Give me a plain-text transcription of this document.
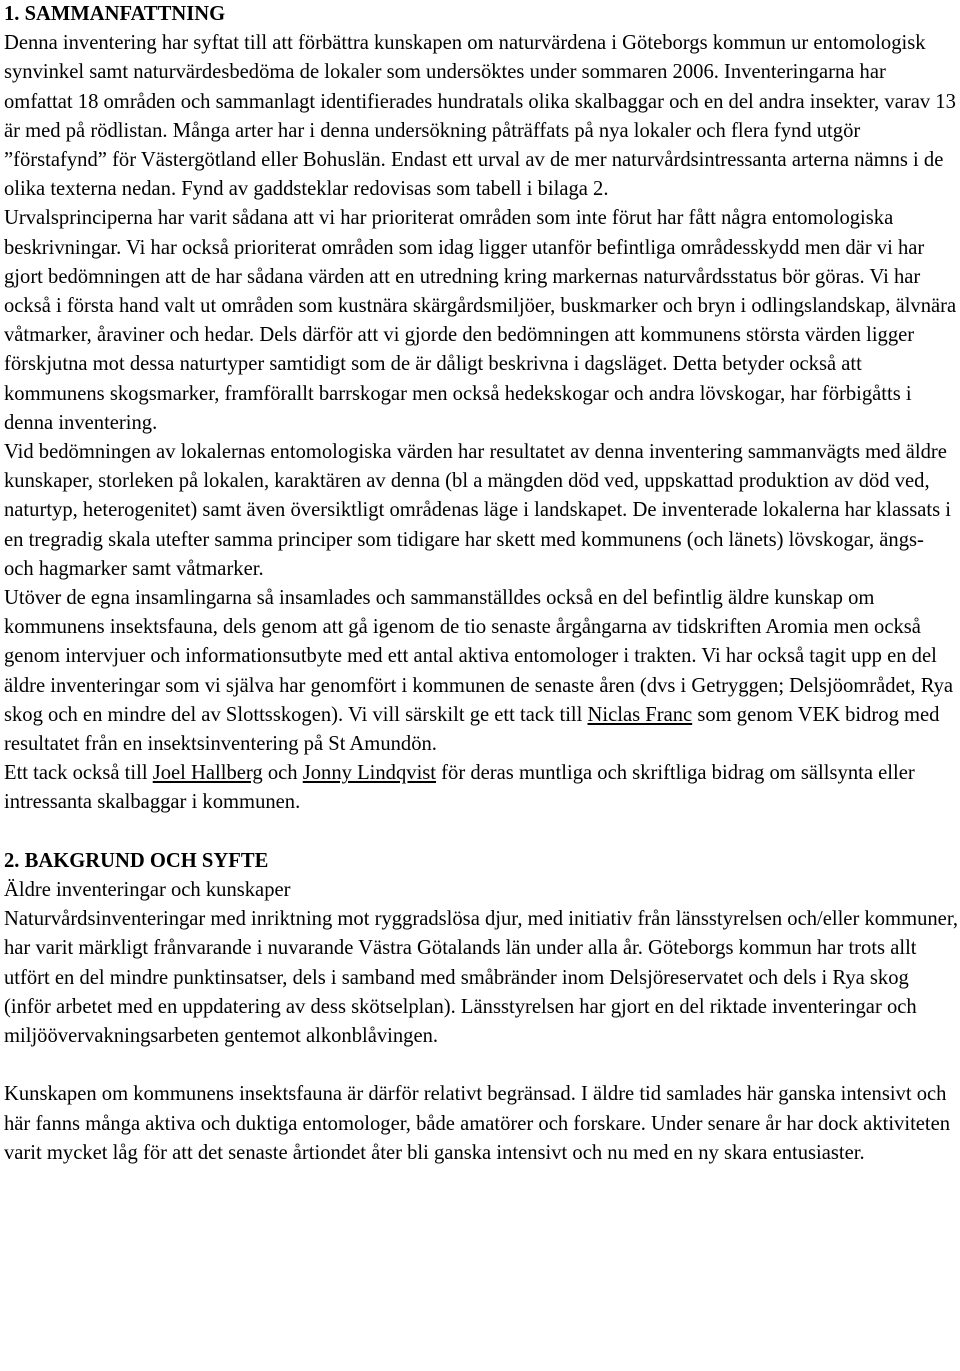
1. SAMMANFATTNING

Denna inventering har syftat till att förbättra kunskapen om naturvärdena i Göteborgs kommun ur entomologisk synvinkel samt naturvärdesbedöma de lokaler som undersöktes under sommaren 2006. Inventeringarna har omfattat 18 områden och sammanlagt identifierades hundratals olika skalbaggar och en del andra insekter, varav 13 är med på rödlistan. Många arter har i denna undersökning påträffats på nya lokaler och flera fynd utgör ”förstafynd” för Västergötland eller Bohuslän. Endast ett urval av de mer naturvårdsintressanta arterna nämns i de olika texterna nedan. Fynd av gaddsteklar redovisas som tabell i bilaga 2.

Urvalsprinciperna har varit sådana att vi har prioriterat områden som inte förut har fått några entomologiska beskrivningar. Vi har också prioriterat områden som idag ligger utanför befintliga områdesskydd men där vi har gjort bedömningen att de har sådana värden att en utredning kring markernas naturvårdsstatus bör göras. Vi har också i första hand valt ut områden som kustnära skärgårdsmiljöer, buskmarker och bryn i odlingslandskap, älvnära våtmarker, åraviner och hedar. Dels därför att vi gjorde den bedömningen att kommunens största värden ligger förskjutna mot dessa naturtyper samtidigt som de är dåligt beskrivna i dagsläget. Detta betyder också att kommunens skogsmarker, framförallt barrskogar men också hedekskogar och andra lövskogar, har förbigåtts i denna inventering.

Vid bedömningen av lokalernas entomologiska värden har resultatet av denna inventering sammanvägts med äldre kunskaper, storleken på lokalen, karaktären av denna (bl a mängden död ved, uppskattad produktion av död ved, naturtyp, heterogenitet) samt även översiktligt områdenas läge i landskapet. De inventerade lokalerna har klassats i en tregradig skala utefter samma principer som tidigare har skett med kommunens (och länets) lövskogar, ängs- och hagmarker samt våtmarker.

Utöver de egna insamlingarna så insamlades och sammanställdes också en del befintlig äldre kunskap om kommunens insektsfauna, dels genom att gå igenom de tio senaste årgångarna av tidskriften Aromia men också genom intervjuer och informationsutbyte med ett antal aktiva entomologer i trakten. Vi har också tagit upp en del äldre inventeringar som vi själva har genomfört i kommunen de senaste åren (dvs i Getryggen; Delsjöområdet, Rya skog och en mindre del av Slottsskogen). Vi vill särskilt ge ett tack till Niclas Franc som genom VEK bidrog med resultatet från en insektsinventering på St Amundön.

Ett tack också till Joel Hallberg och Jonny Lindqvist för deras muntliga och skriftliga bidrag om sällsynta eller intressanta skalbaggar i kommunen.

2. BAKGRUND OCH SYFTE
Äldre inventeringar och kunskaper

Naturvårdsinventeringar med inriktning mot ryggradslösa djur, med initiativ från länsstyrelsen och/eller kommuner, har varit märkligt frånvarande i nuvarande Västra Götalands län under alla år. Göteborgs kommun har trots allt utfört en del mindre punktinsatser, dels i samband med småbränder inom Delsjöreservatet och dels i Rya skog (inför arbetet med en uppdatering av dess skötselplan). Länsstyrelsen har gjort en del riktade inventeringar och miljöövervakningsarbeten gentemot alkonblåvingen.

Kunskapen om kommunens insektsfauna är därför relativt begränsad. I äldre tid samlades här ganska intensivt och här fanns många aktiva och duktiga entomologer, både amatörer och forskare. Under senare år har dock aktiviteten varit mycket låg för att det senaste årtiondet åter bli ganska intensivt och nu med en ny skara entusiaster.
